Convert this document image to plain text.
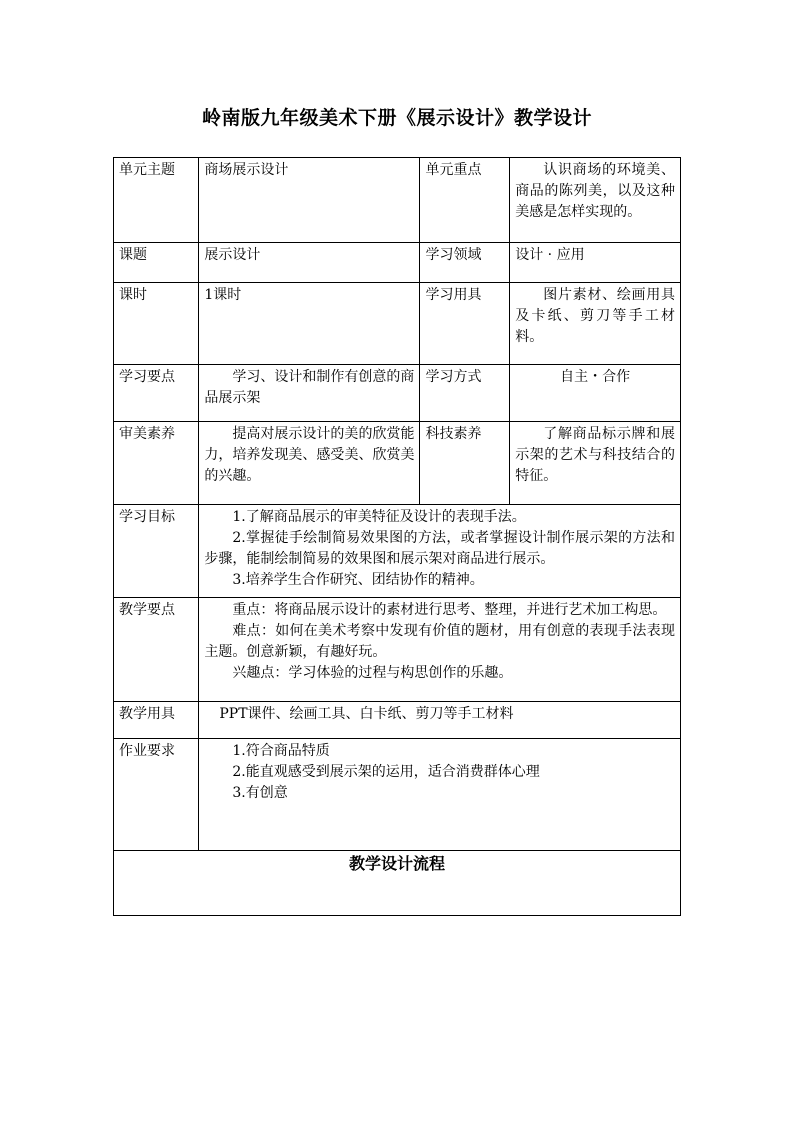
岭南版九年级美术下册《展示设计》教学设计
单元主题	商场展示设计	单元重点	认识商场的环境美、商品的陈列美，以及这种美感是怎样实现的。
课题	展示设计	学习领域	设计 · 应用
课时	1课时	学习用具	图片素材、绘画用具及卡纸、剪刀等手工材料。
学习要点	学习、设计和制作有创意的商品展示架	学习方式	自主・合作
审美素养	提高对展示设计的美的欣赏能力，培养发现美、感受美、欣赏美的兴趣。	科技素养	了解商品标示牌和展示架的艺术与科技结合的特征。
学习目标	1.了解商品展示的审美特征及设计的表现手法。
2.掌握徒手绘制简易效果图的方法，或者掌握设计制作展示架的方法和步骤，能制绘制简易的效果图和展示架对商品进行展示。
3.培养学生合作研究、团结协作的精神。		

教学要点	重点：将商品展示设计的素材进行思考、整理，并进行艺术加工构思。
难点：如何在美术考察中发现有价值的题材，用有创意的表现手法表现主题。创意新颖，有趣好玩。
兴趣点：学习体验的过程与构思创作的乐趣。		

教学用具	PPT课件、绘画工具、白卡纸、剪刀等手工材料		
作业要求	1.符合商品特质
2.能直观感受到展示架的运用，适合消费群体心理
3.有创意		

教学设计流程			
